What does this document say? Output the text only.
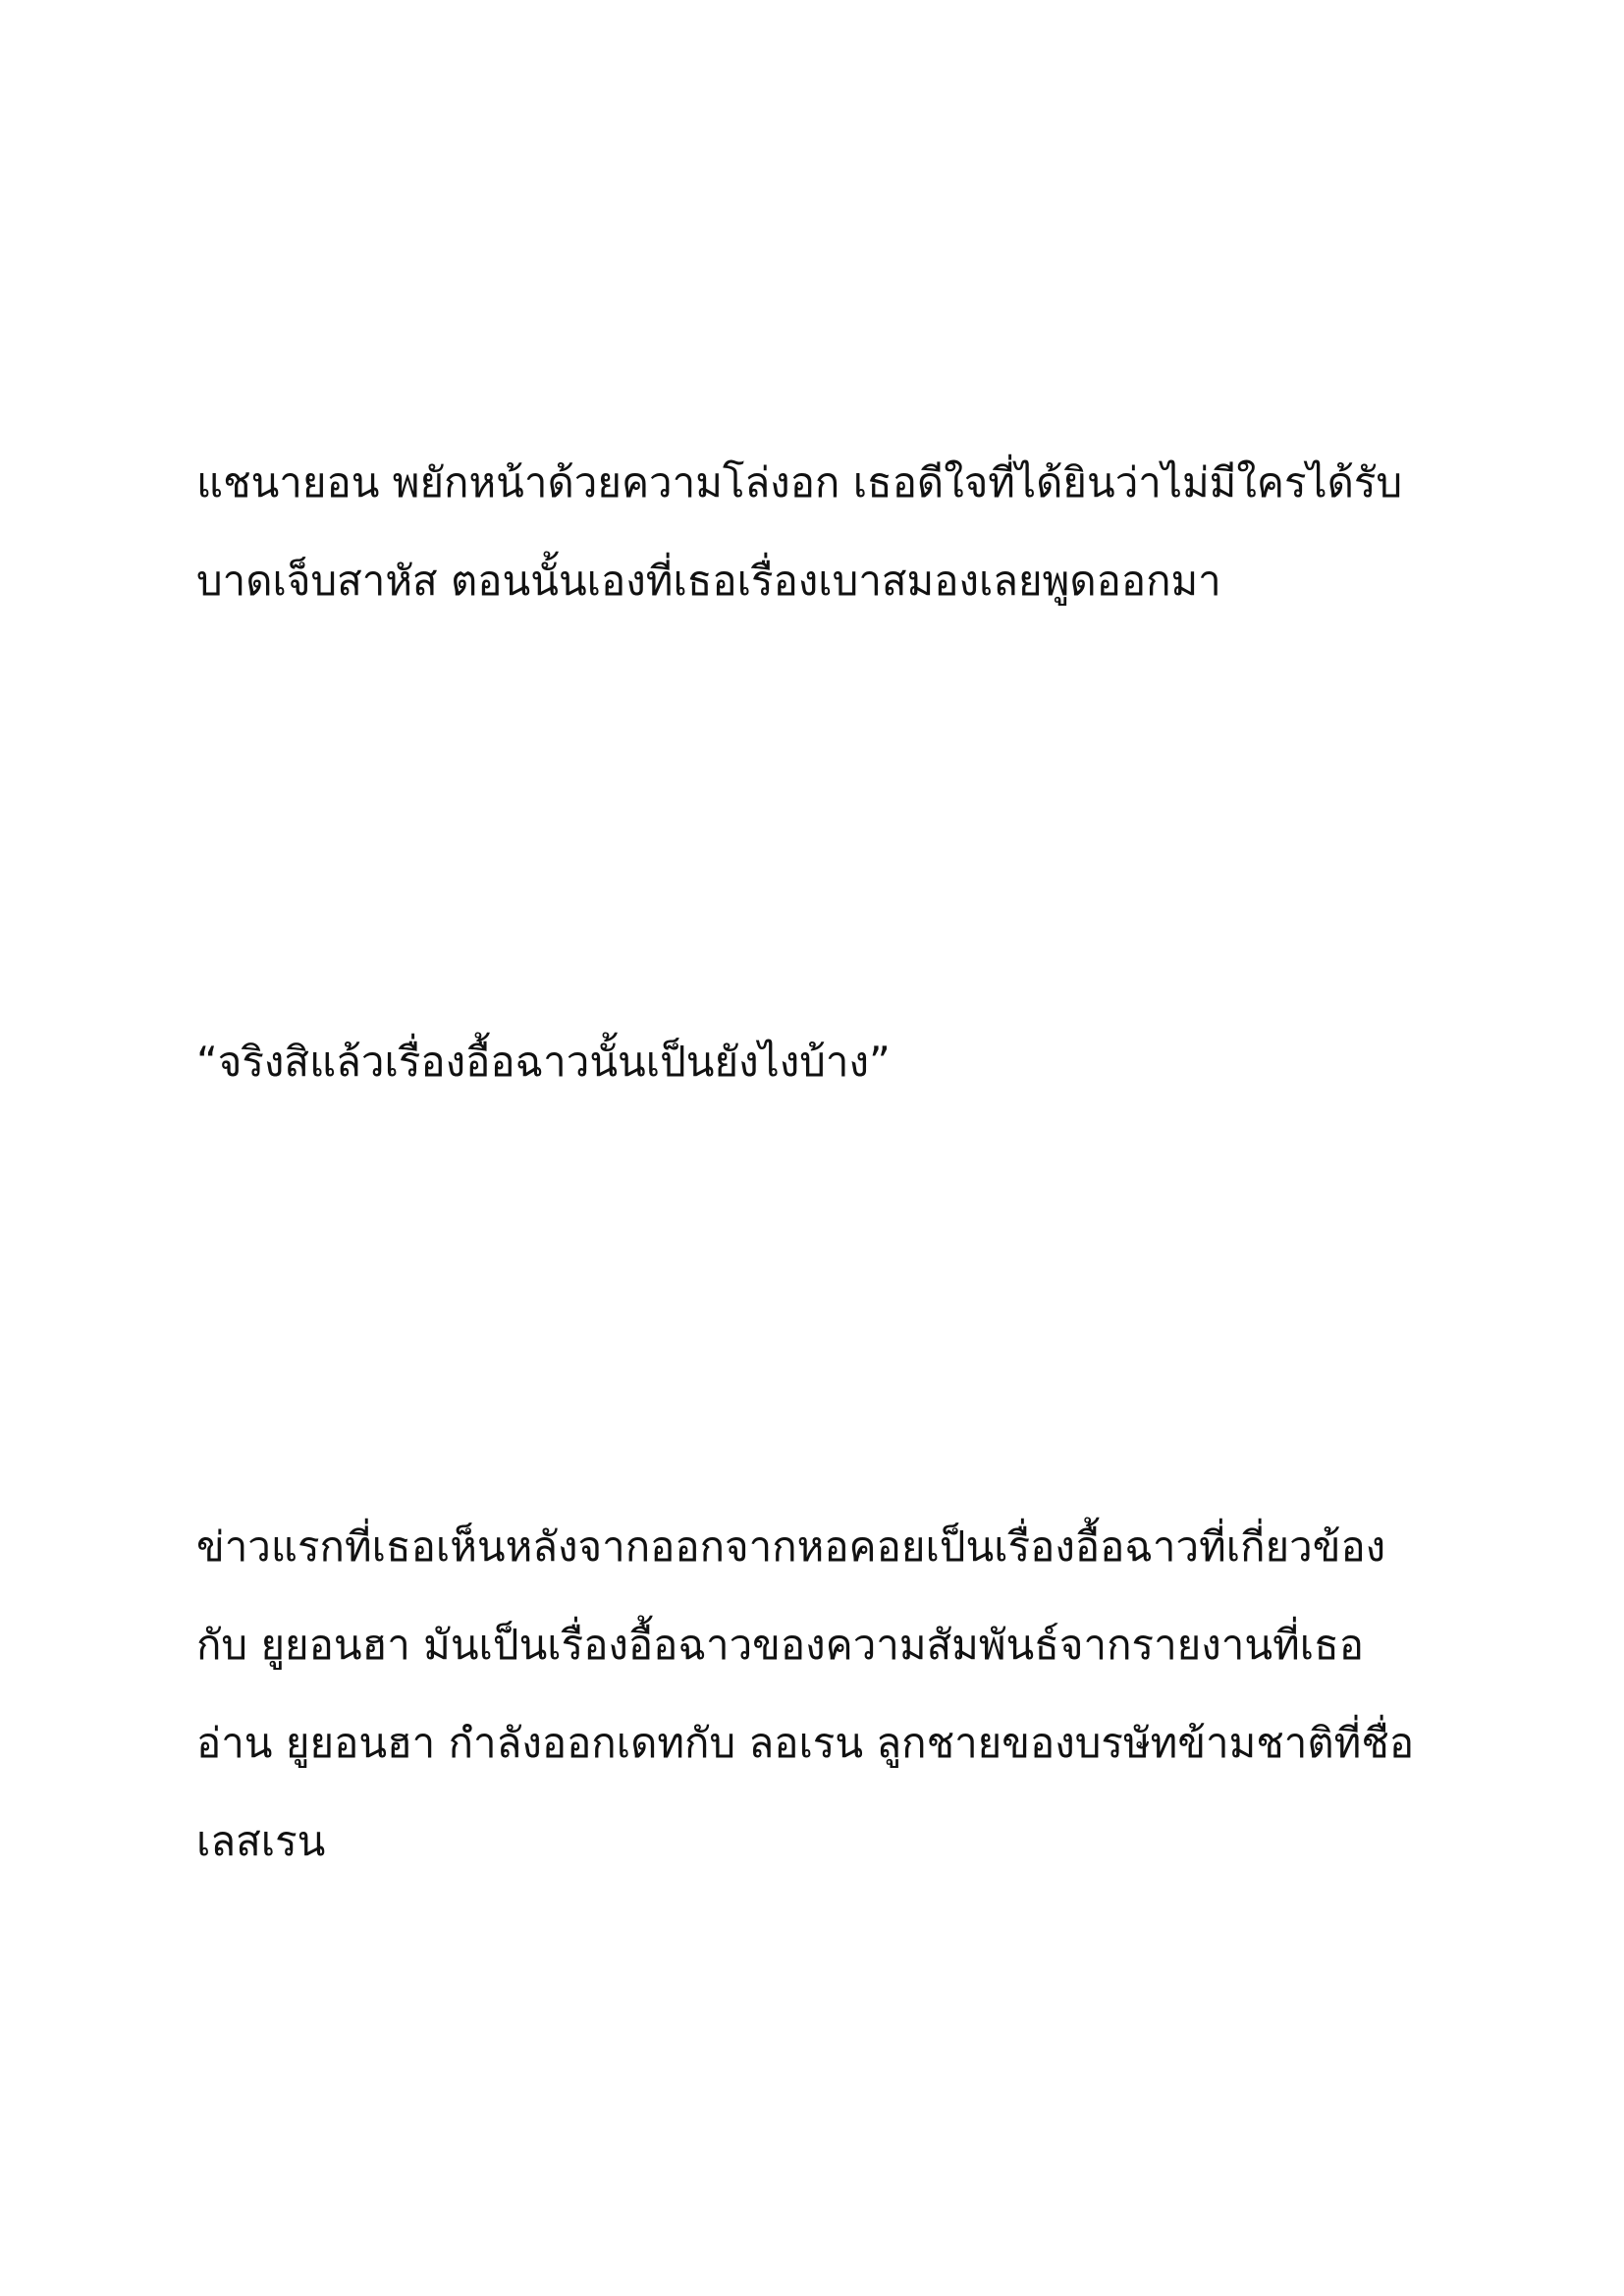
แชนายอน พยักหน้าด้วยความโล่งอก เธอดีใจที่ได้ยินว่าไม่มีใครได้รับ
บาดเจ็บสาหัส ตอนนั้นเองที่เธอเรื่องเบาสมองเลยพูดออกมา
“จริงสิแล้วเรื่องอื้อฉาวนั้นเป็นยังไงบ้าง”
ข่าวแรกที่เธอเห็นหลังจากออกจากหอคอยเป็นเรื่องอื้อฉาวที่เกี่ยวข้อง
กับ ยูยอนฮา มันเป็นเรื่องอื้อฉาวของความสัมพันธ์จากรายงานที่เธอ
อ่าน ยูยอนฮา กำลังออกเดทกับ ลอเรน ลูกชายของบรษัทข้ามชาติที่ชื่อ
เลสเรน
